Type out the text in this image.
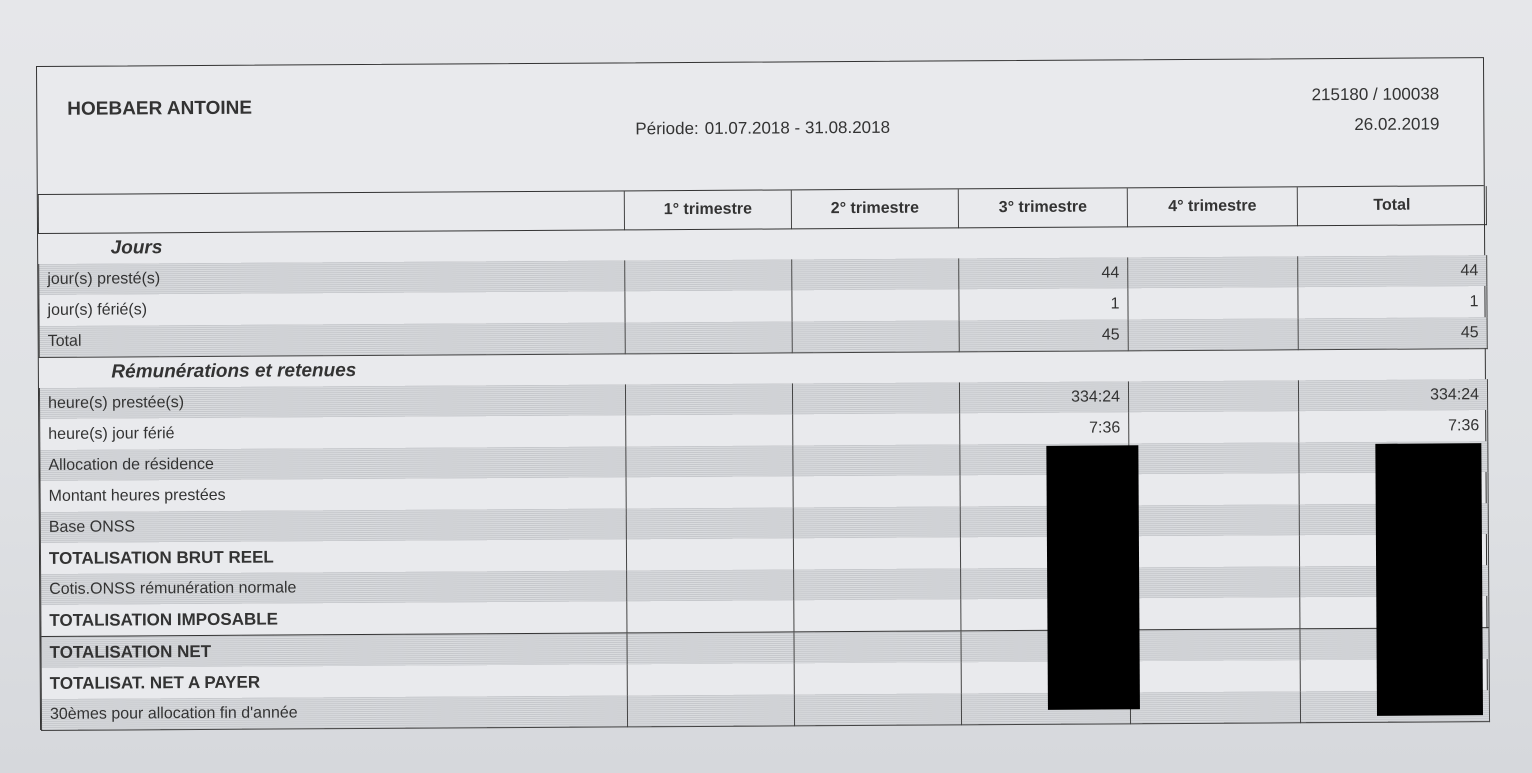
HOEBAER ANTOINE
Période: 01.07.2018 - 31.08.2018
215180 / 100038
26.02.2019
	1° trimestre	2° trimestre	3° trimestre	4° trimestre	Total
Jours					
jour(s) presté(s)			44		44
jour(s) férié(s)			1		1
Total			45		45
Rémunérations et retenues					
heure(s) prestée(s)			334:24		334:24
heure(s) jour férié			7:36		7:36
Allocation de résidence					
Montant heures prestées					
Base ONSS					
TOTALISATION BRUT REEL					
Cotis.ONSS rémunération normale					
TOTALISATION IMPOSABLE					
TOTALISATION NET					
TOTALISAT. NET A PAYER					
30èmes pour allocation fin d'année					
